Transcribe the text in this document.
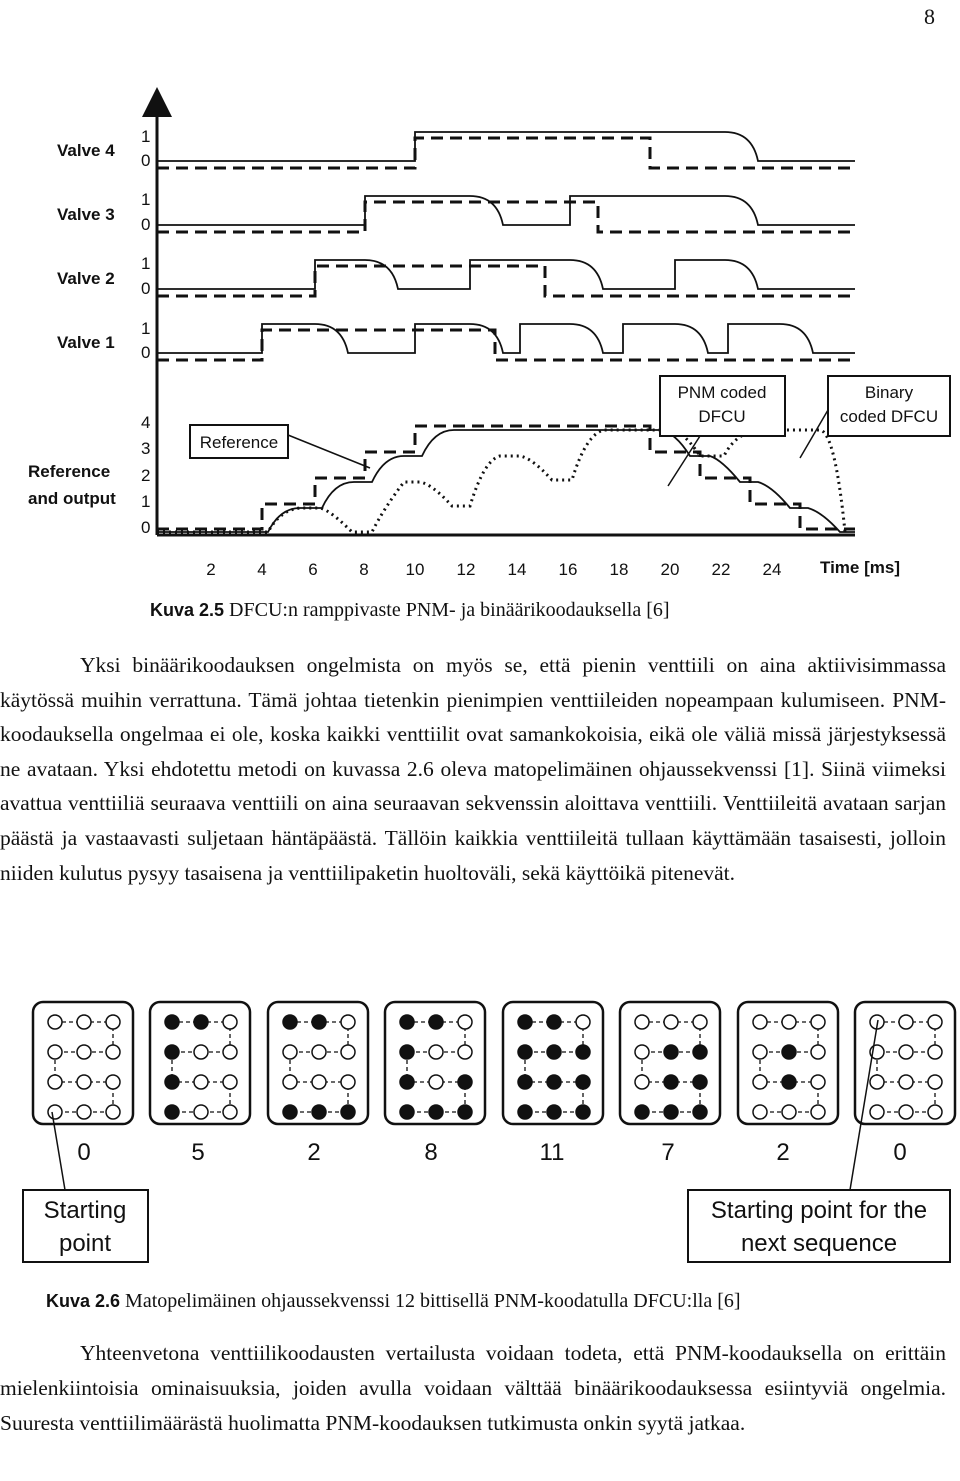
8
Valve 4
Valve 3
Valve 2
Valve 1
Reference
and output
1
0
1
0
1
0
1
0
4
3
2
1
0
2 4 6 8 10 12 14 16 18 20 22 24 Time [ms]
Reference
PNM coded
DFCU
Binary
coded DFCU
Kuva 2.5 DFCU:n ramppivaste PNM- ja binäärikoodauksella [6]

Yksi binäärikoodauksen ongelmista on myös se, että pienin venttiili on aina aktiivisimmassa käytössä muihin verrattuna. Tämä johtaa tietenkin pienimpien venttiileiden nopeampaan kulumiseen. PNM-koodauksella ongelmaa ei ole, koska kaikki venttiilit ovat samankokoisia, eikä ole väliä missä järjestyksessä ne avataan. Yksi ehdotettu metodi on kuvassa 2.6 oleva matopelimäinen ohjaussekvenssi [1]. Siinä viimeksi avattua venttiiliä seuraava venttiili on aina seuraavan sekvenssin aloittava venttiili. Venttiileitä avataan sarjan päästä ja vastaavasti suljetaan häntäpäästä. Tällöin kaikkia venttiileitä tullaan käyttämään tasaisesti, jolloin niiden kulutus pysyy tasaisena ja venttiilipaketin huoltoväli, sekä käyttöikä pitenevät.

0	5	2	8	11	7	2	0
Starting
point
Starting point for the
next sequence
Kuva 2.6 Matopelimäinen ohjaussekvenssi 12 bittisellä PNM-koodatulla DFCU:lla [6]

Yhteenvetona venttiilikoodausten vertailusta voidaan todeta, että PNM-koodauksella on erittäin mielenkiintoisia ominaisuuksia, joiden avulla voidaan välttää binäärikoodauksessa esiintyviä ongelmia. Suuresta venttiilimäärästä huolimatta PNM-koodauksen tutkimusta onkin syytä jatkaa.
